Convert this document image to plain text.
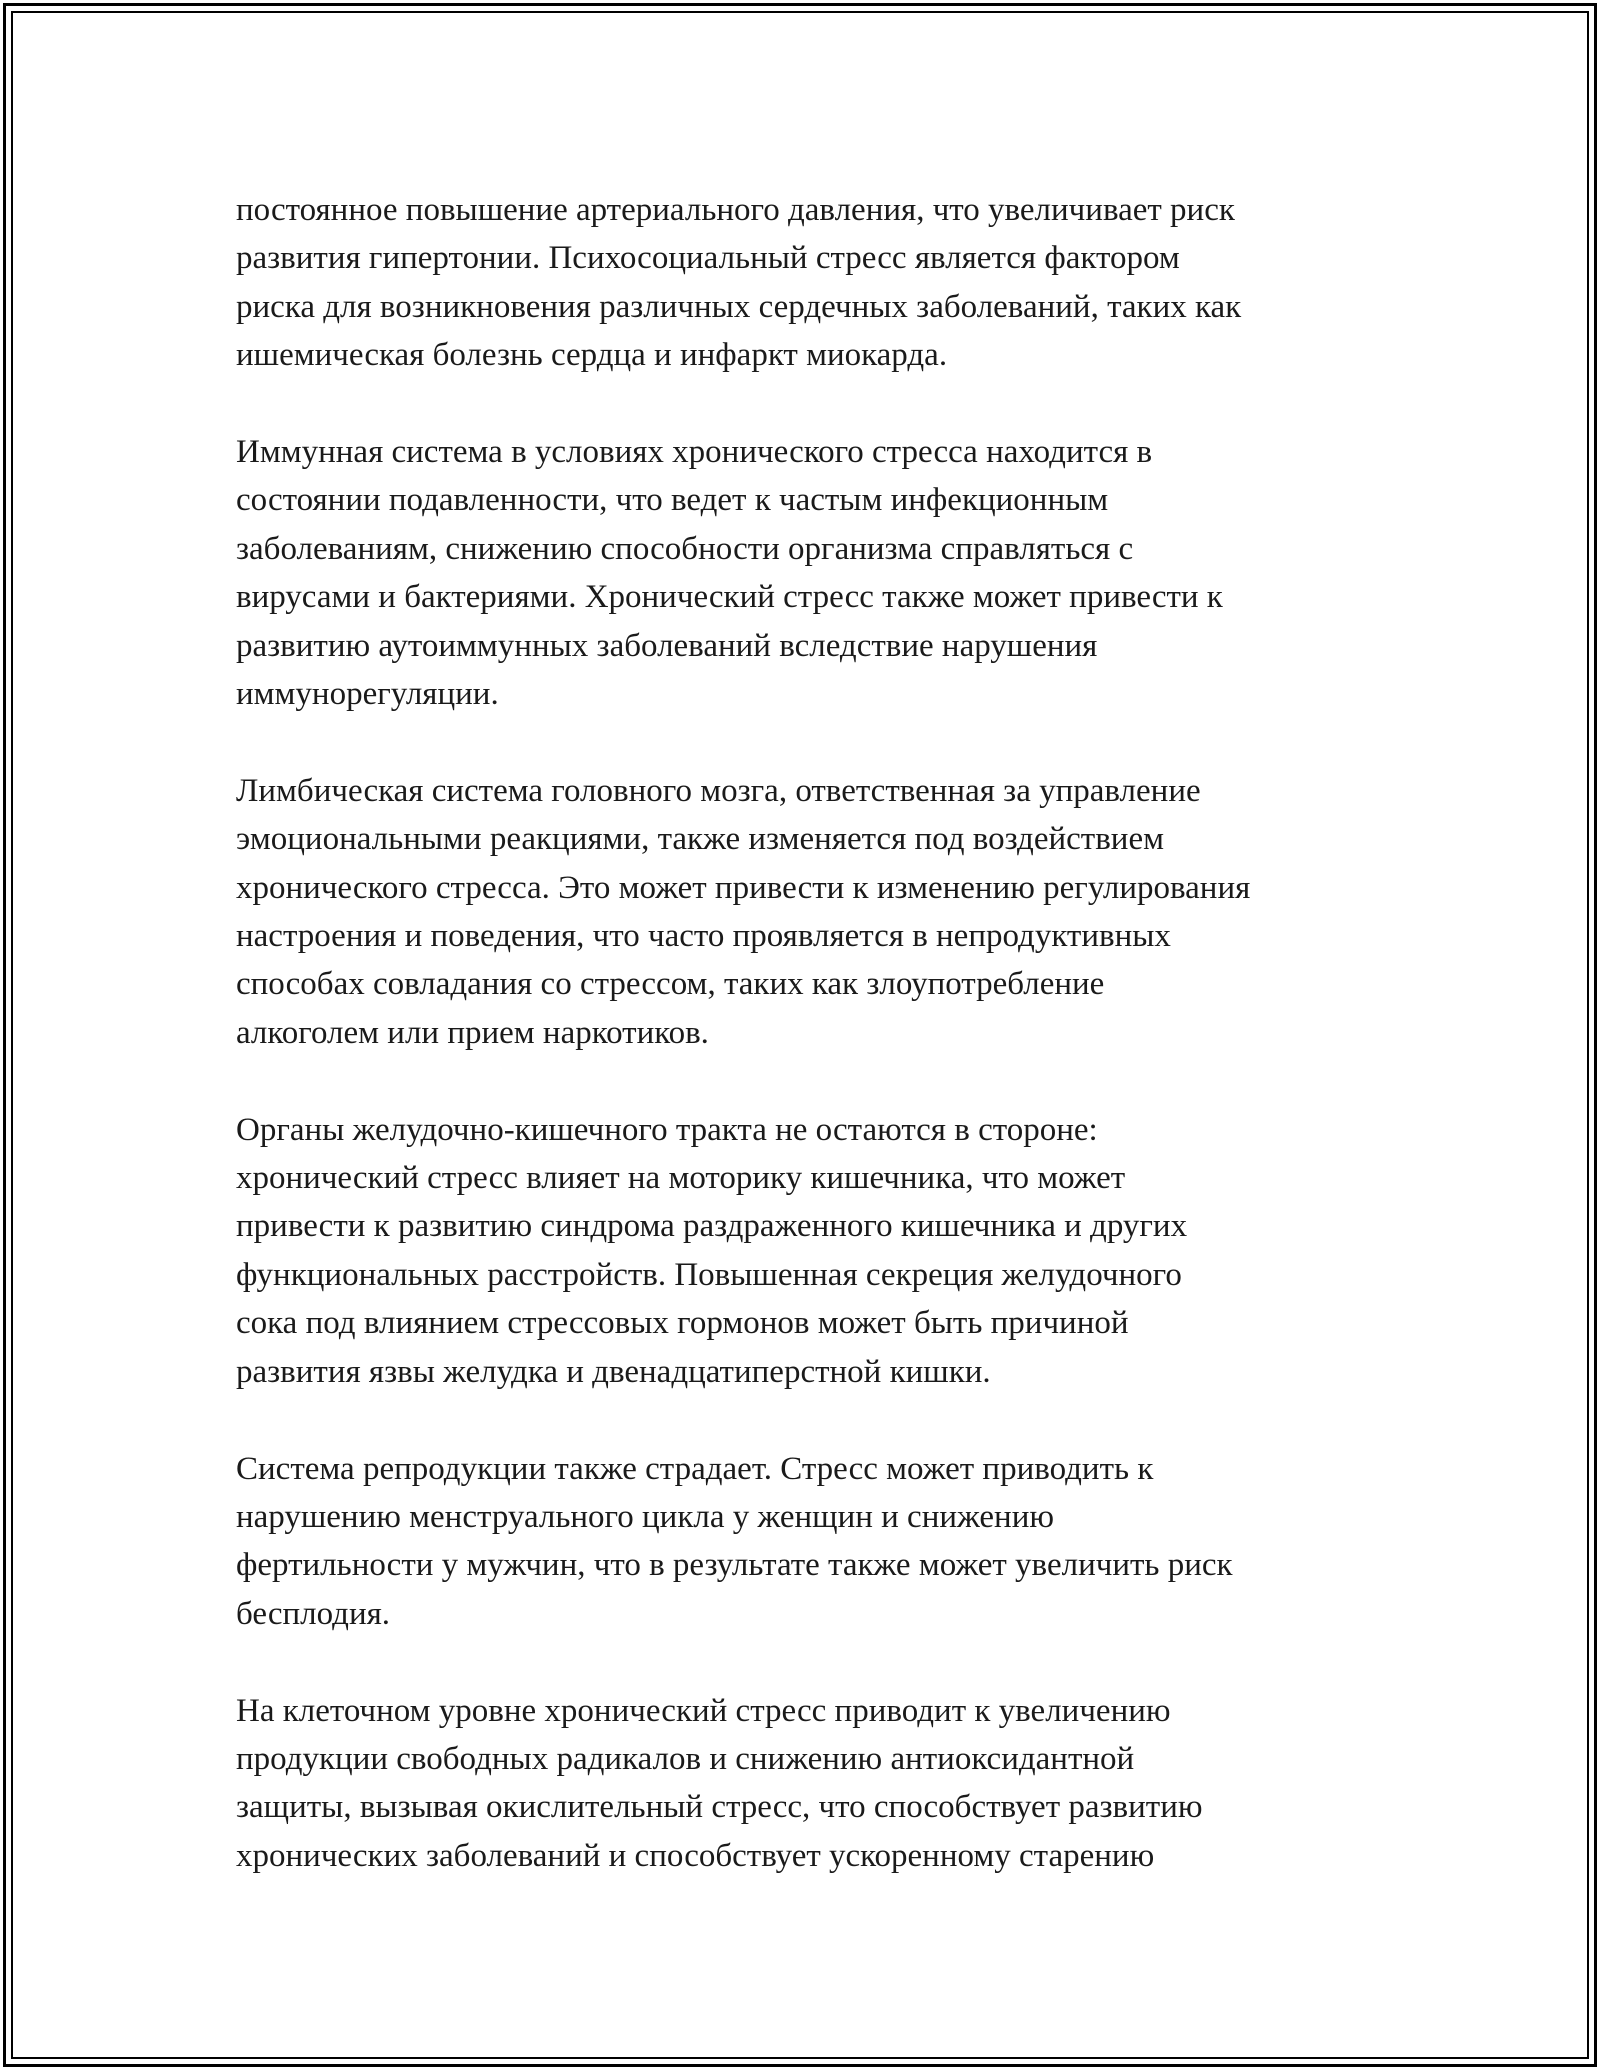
постоянное повышение артериального давления, что увеличивает риск
развития гипертонии. Психосоциальный стресс является фактором
риска для возникновения различных сердечных заболеваний, таких как
ишемическая болезнь сердца и инфаркт миокарда.

Иммунная система в условиях хронического стресса находится в
состоянии подавленности, что ведет к частым инфекционным
заболеваниям, снижению способности организма справляться с
вирусами и бактериями. Хронический стресс также может привести к
развитию аутоиммунных заболеваний вследствие нарушения
иммунорегуляции.

Лимбическая система головного мозга, ответственная за управление
эмоциональными реакциями, также изменяется под воздействием
хронического стресса. Это может привести к изменению регулирования
настроения и поведения, что часто проявляется в непродуктивных
способах совладания со стрессом, таких как злоупотребление
алкоголем или прием наркотиков.

Органы желудочно-кишечного тракта не остаются в стороне:
хронический стресс влияет на моторику кишечника, что может
привести к развитию синдрома раздраженного кишечника и других
функциональных расстройств. Повышенная секреция желудочного
сока под влиянием стрессовых гормонов может быть причиной
развития язвы желудка и двенадцатиперстной кишки.

Система репродукции также страдает. Стресс может приводить к
нарушению менструального цикла у женщин и снижению
фертильности у мужчин, что в результате также может увеличить риск
бесплодия.

На клеточном уровне хронический стресс приводит к увеличению
продукции свободных радикалов и снижению антиоксидантной
защиты, вызывая окислительный стресс, что способствует развитию
хронических заболеваний и способствует ускоренному старению
